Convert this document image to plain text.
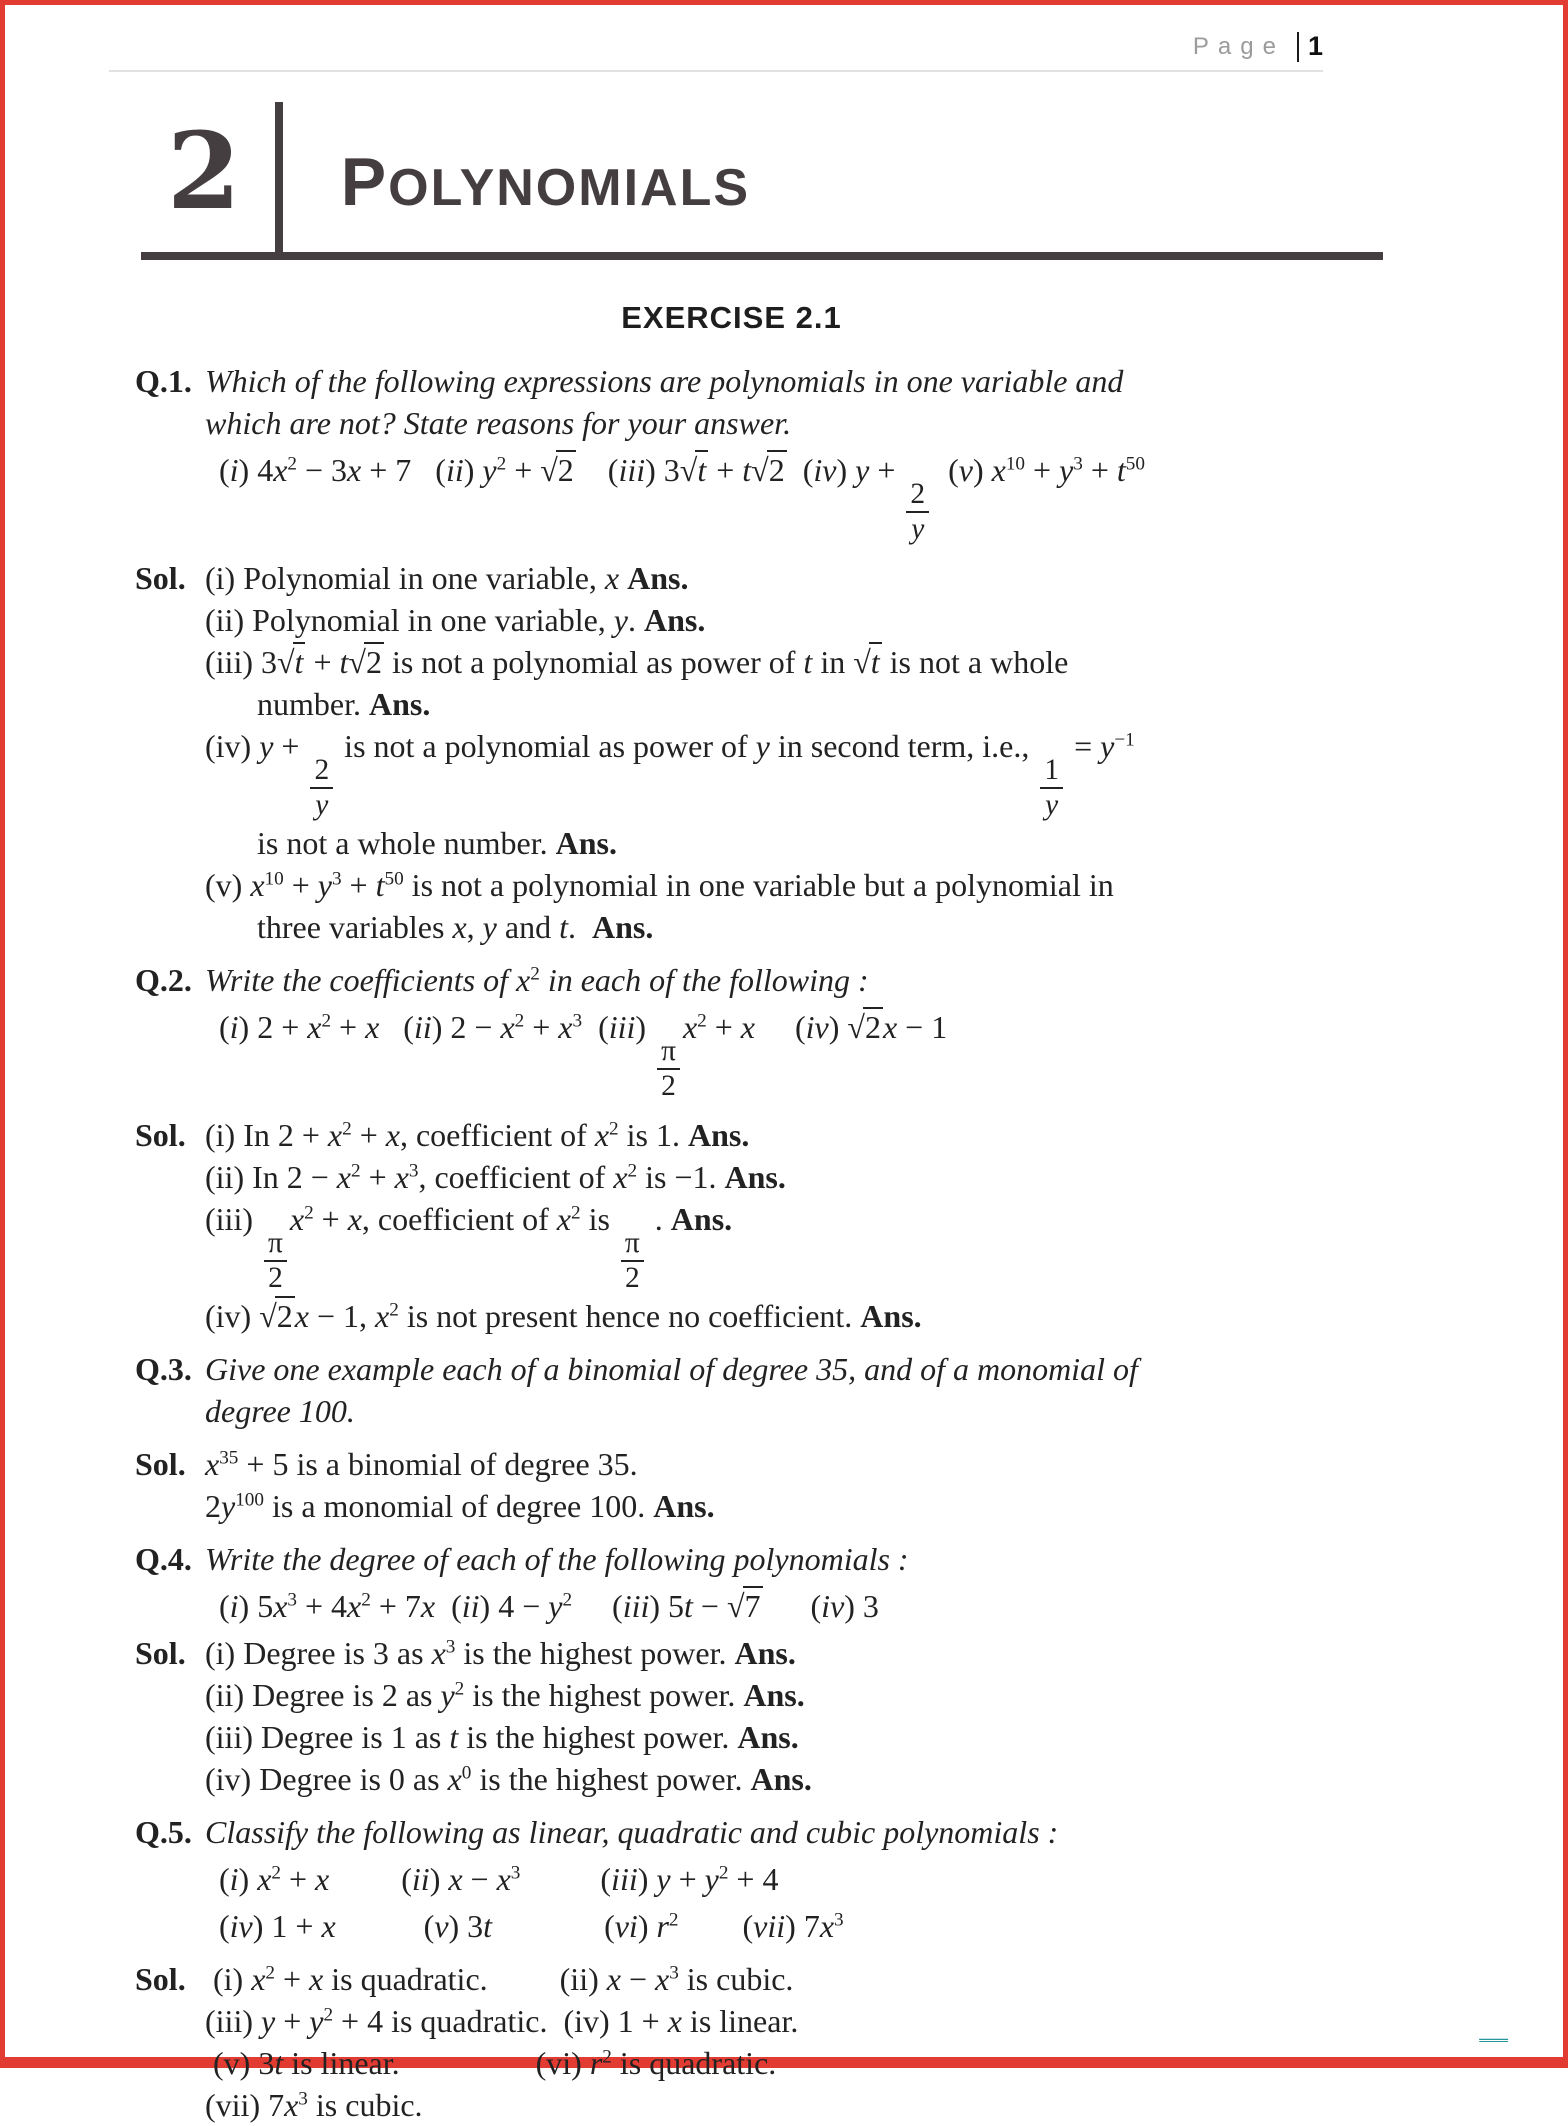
Page 1
2	POLYNOMIALS
EXERCISE 2.1
Q.1. Which of the following expressions are polynomials in one variable and
which are not? State reasons for your answer.
(i) $4x^2 - 3x + 7$   (ii) $y^2 + √2$    (iii) 3√t + t√2  (iv) y +
$\frac{2}{y}$
(v) $x^{10} + y^3 + t^{50}$
Sol. (i) Polynomial in one variable, x Ans.
(ii) Polynomial in one variable, y. Ans.
(iii) 3√t + t√2 is not a polynomial as power of t in √t is not a whole
number. Ans.
(iv) y +
$\frac{2}{y}$
is not a polynomial as power of y in second term, i.e.,
$\frac{1}{y}$
= $y^{-1}$
is not a whole number. Ans.
(v) $x^{10} + y^3 + t^{50}$ is not a polynomial in one variable but a polynomial in
three variables x, y and t.  Ans.
Q.2. Write the coefficients of $x^2$ in each of the following :
(i) $2 + x^2 + x$   (ii) $2 - x^2 + x^3$  (iii)
$\frac{\pi}{2}$
$x^2 + x$     (iv) √2x − 1
Sol. (i) In $2 + x^2 + x$, coefficient of $x^2$ is 1. Ans.
(ii) In $2 - x^2 + x^3$, coefficient of $x^2$ is −1. Ans.
(iii)
$\frac{\pi}{2}$
$x^2 + x$, coefficient of $x^2$ is
$\frac{\pi}{2}$
. Ans.
(iv) √2x − 1, $x^2$ is not present hence no coefficient. Ans.
Q.3. Give one example each of a binomial of degree 35, and of a monomial of
degree 100.
Sol. $x^{35} + 5$ is a binomial of degree 35.
$2y^{100}$ is a monomial of degree 100. Ans.
Q.4. Write the degree of each of the following polynomials :
(i) $5x^3 + 4x^2 + 7x$  (ii) $4 - y^2$     (iii) 5t − √7      (iv) 3
Sol. (i) Degree is 3 as $x^3$ is the highest power. Ans.
(ii) Degree is 2 as $y^2$ is the highest power. Ans.
(iii) Degree is 1 as t is the highest power. Ans.
(iv) Degree is 0 as $x^0$ is the highest power. Ans.
Q.5. Classify the following as linear, quadratic and cubic polynomials :
(i) $x^2 + x$         (ii) $x - x^3$          (iii) $y + y^2 + 4$
(iv) 1 + x           (v) 3t              (vi) $r^2$        (vii) $7x^3$
Sol. (i) $x^2 + x$ is quadratic.         (ii) $x - x^3$ is cubic.
(iii) $y + y^2 + 4$ is quadratic.  (iv) 1 + x is linear.
(v) 3t is linear.                 (vi) $r^2$ is quadratic.
(vii) $7x^3$ is cubic.
ـــــــ
